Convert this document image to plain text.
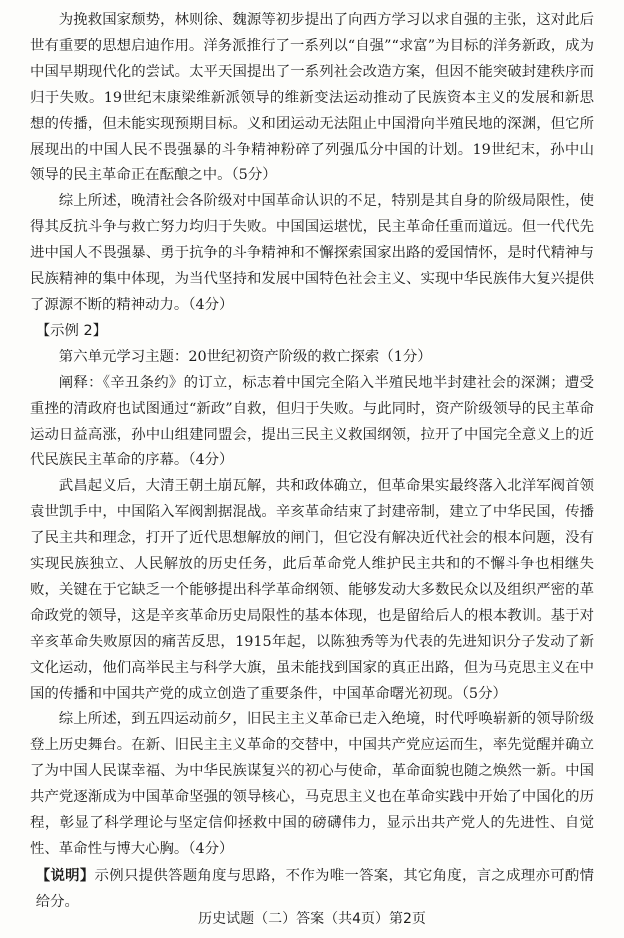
为挽救国家颓势，林则徐、魏源等初步提出了向西方学习以求自强的主张，这对此后世有重要的思想启迪作用。洋务派推行了一系列以“自强”“求富”为目标的洋务新政，成为中国早期现代化的尝试。太平天国提出了一系列社会改造方案，但因不能突破封建秩序而归于失败。19世纪末康梁维新派领导的维新变法运动推动了民族资本主义的发展和新思想的传播，但未能实现预期目标。义和团运动无法阻止中国滑向半殖民地的深渊，但它所展现出的中国人民不畏强暴的斗争精神粉碎了列强瓜分中国的计划。19世纪末，孙中山领导的民主革命正在酝酿之中。（5分）

综上所述，晚清社会各阶级对中国革命认识的不足，特别是其自身的阶级局限性，使得其反抗斗争与救亡努力均归于失败。中国国运堪忧，民主革命任重而道远。但一代代先进中国人不畏强暴、勇于抗争的斗争精神和不懈探索国家出路的爱国情怀，是时代精神与民族精神的集中体现，为当代坚持和发展中国特色社会主义、实现中华民族伟大复兴提供了源源不断的精神动力。（4分）

【示例 2】

第六单元学习主题：20世纪初资产阶级的救亡探索（1分）

阐释：《辛丑条约》的订立，标志着中国完全陷入半殖民地半封建社会的深渊；遭受重挫的清政府也试图通过“新政”自救，但归于失败。与此同时，资产阶级领导的民主革命运动日益高涨，孙中山组建同盟会，提出三民主义救国纲领，拉开了中国完全意义上的近代民族民主革命的序幕。（4分）

武昌起义后，大清王朝土崩瓦解，共和政体确立，但革命果实最终落入北洋军阀首领袁世凯手中，中国陷入军阀割据混战。辛亥革命结束了封建帝制，建立了中华民国，传播了民主共和理念，打开了近代思想解放的闸门，但它没有解决近代社会的根本问题，没有实现民族独立、人民解放的历史任务，此后革命党人维护民主共和的不懈斗争也相继失败，关键在于它缺乏一个能够提出科学革命纲领、能够发动大多数民众以及组织严密的革命政党的领导，这是辛亥革命历史局限性的基本体现，也是留给后人的根本教训。基于对辛亥革命失败原因的痛苦反思，1915年起，以陈独秀等为代表的先进知识分子发动了新文化运动，他们高举民主与科学大旗，虽未能找到国家的真正出路，但为马克思主义在中国的传播和中国共产党的成立创造了重要条件，中国革命曙光初现。（5分）

综上所述，到五四运动前夕，旧民主主义革命已走入绝境，时代呼唤崭新的领导阶级登上历史舞台。在新、旧民主主义革命的交替中，中国共产党应运而生，率先觉醒并确立了为中国人民谋幸福、为中华民族谋复兴的初心与使命，革命面貌也随之焕然一新。中国共产党逐渐成为中国革命坚强的领导核心，马克思主义也在革命实践中开始了中国化的历程，彰显了科学理论与坚定信仰拯救中国的磅礴伟力，显示出共产党人的先进性、自觉性、革命性与博大心胸。（4分）

【说明】示例只提供答题角度与思路，不作为唯一答案，其它角度，言之成理亦可酌情给分。

历史试题（二）答案（共4页）第2页
